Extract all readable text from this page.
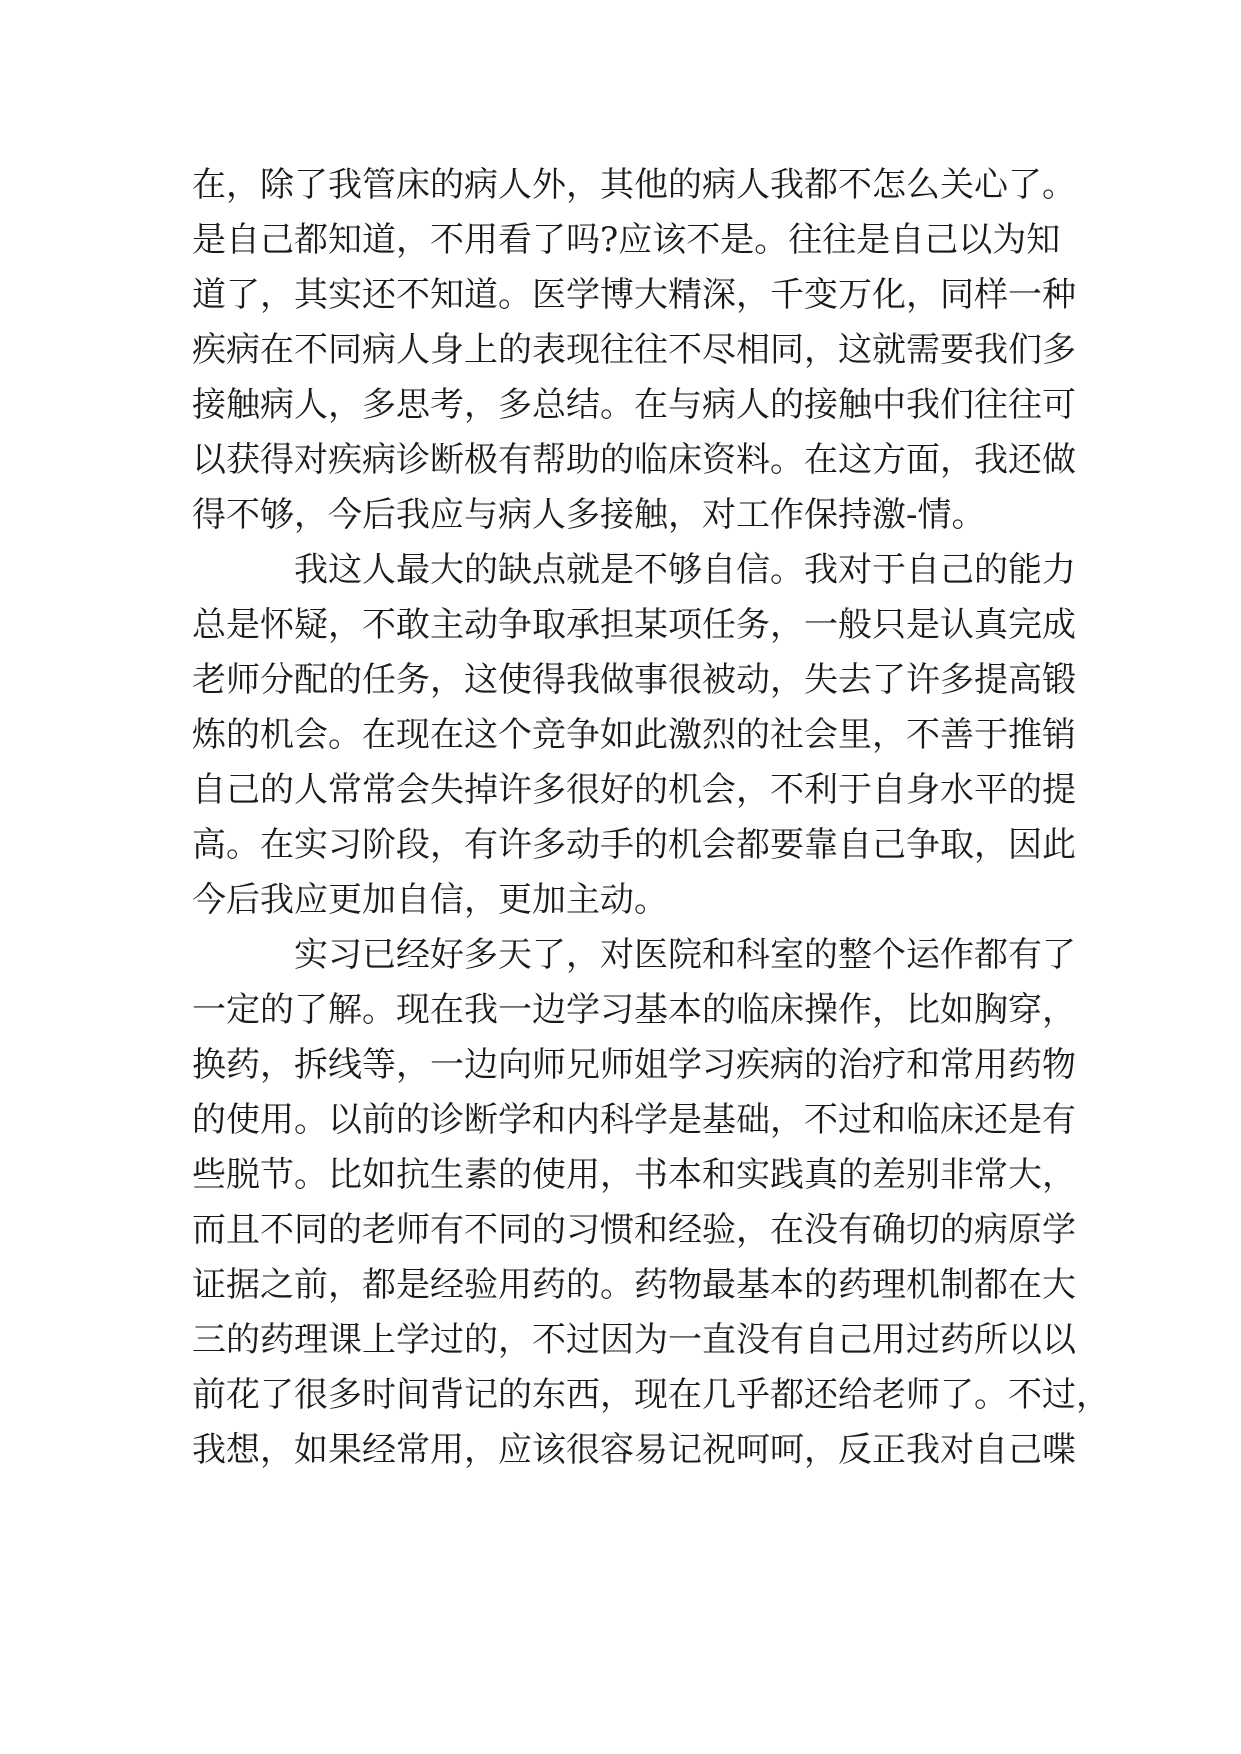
在，除了我管床的病人外，其他的病人我都不怎么关心了。
是自己都知道，不用看了吗?应该不是。往往是自己以为知
道了，其实还不知道。医学博大精深，千变万化，同样一种
疾病在不同病人身上的表现往往不尽相同，这就需要我们多
接触病人，多思考，多总结。在与病人的接触中我们往往可
以获得对疾病诊断极有帮助的临床资料。在这方面，我还做
得不够，今后我应与病人多接触，对工作保持激-情。
我这人最大的缺点就是不够自信。我对于自己的能力
总是怀疑，不敢主动争取承担某项任务，一般只是认真完成
老师分配的任务，这使得我做事很被动，失去了许多提高锻
炼的机会。在现在这个竞争如此激烈的社会里，不善于推销
自己的人常常会失掉许多很好的机会，不利于自身水平的提
高。在实习阶段，有许多动手的机会都要靠自己争取，因此
今后我应更加自信，更加主动。
实习已经好多天了，对医院和科室的整个运作都有了
一定的了解。现在我一边学习基本的临床操作，比如胸穿，
换药，拆线等，一边向师兄师姐学习疾病的治疗和常用药物
的使用。以前的诊断学和内科学是基础，不过和临床还是有
些脱节。比如抗生素的使用，书本和实践真的差别非常大，
而且不同的老师有不同的习惯和经验，在没有确切的病原学
证据之前，都是经验用药的。药物最基本的药理机制都在大
三的药理课上学过的，不过因为一直没有自己用过药所以以
前花了很多时间背记的东西，现在几乎都还给老师了。不过，
我想，如果经常用，应该很容易记祝呵呵，反正我对自己喋
